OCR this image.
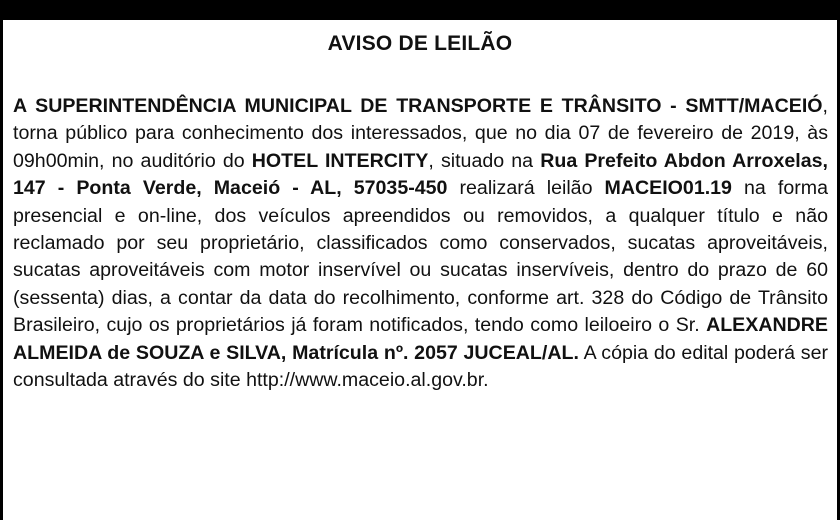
AVISO DE LEILÃO

A SUPERINTENDÊNCIA MUNICIPAL DE TRANSPORTE E TRÂNSITO - SMTT/MACEIÓ, torna público para conhecimento dos interessados, que no dia 07 de fevereiro de 2019, às 09h00min, no auditório do HOTEL INTERCITY, situado na Rua Prefeito Abdon Arroxelas, 147 - Ponta Verde, Maceió - AL, 57035-450 realizará leilão MACEIO01.19 na forma presencial e on-line, dos veículos apreendidos ou removidos, a qualquer título e não reclamado por seu proprietário, classificados como conservados, sucatas aproveitáveis, sucatas aproveitáveis com motor inservível ou sucatas inservíveis, dentro do prazo de 60 (sessenta) dias, a contar da data do recolhimento, conforme art. 328 do Código de Trânsito Brasileiro, cujo os proprietários já foram notificados, tendo como leiloeiro o Sr. ALEXANDRE ALMEIDA de SOUZA e SILVA, Matrícula nº. 2057 JUCEAL/AL. A cópia do edital poderá ser consultada através do site http://www.maceio.al.gov.br.
